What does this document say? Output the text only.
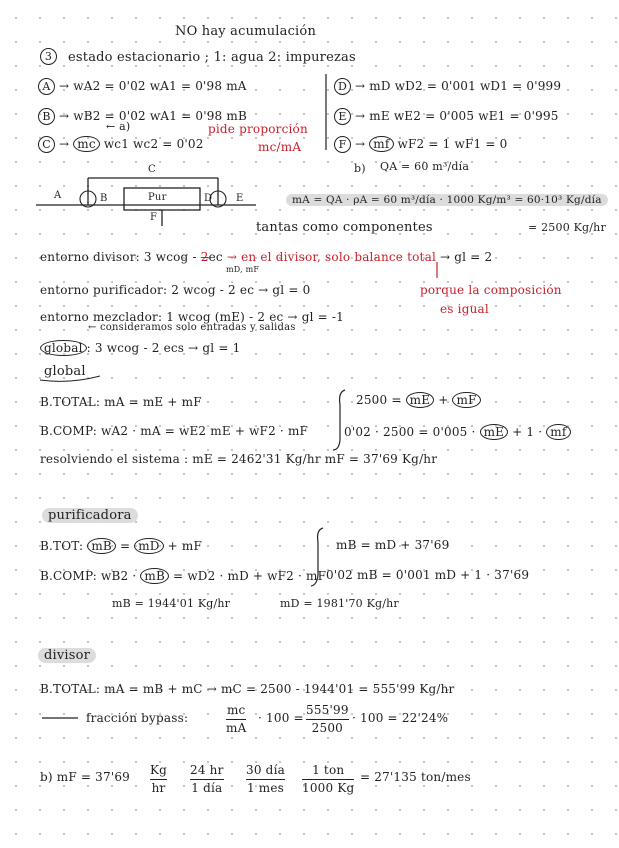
NO hay acumulación
3	estado estacionario ; 1: agua 2: impurezas
A → wA2 = 0'02 wA1 = 0'98 mA
B → wB2 = 0'02 wA1 = 0'98 mB
C → mc wc1 wc2 = 0'02
← a)	pide proporción
mc/mA
D → mD wD2 = 0'001 wD1 = 0'999
E → mE wE2 = 0'005 wE1 = 0'995
F → mf wF2 = 1 wF1 = 0
b) QA = 60 m³/día
A	B
C
Pur	D E
F
mA = QA · ρA = 60 m³/día · 1000 Kg/m³ = 60·10³ Kg/día
= 2500 Kg/hr
tantas como componentes
entorno divisor: 3 wcog - 2ec → en el divisor, solo balance total → gl = 2
mD, mF
entorno purificador: 2 wcog - 2 ec → gl = 0	porque la composición
es igual
entorno mezclador: 1 wcog (mE) - 2 ec → gl = -1
← consideramos solo entradas y salidas
global : 3 wcog - 2 ecs → gl = 1
global
B.TOTAL: mA = mE + mF
B.COMP: wA2 · mA = wE2 mE + wF2 · mF
2500 = mE + mF
0'02 · 2500 = 0'005 · mE + 1 · mf
resolviendo el sistema : mE = 2462'31 Kg/hr mF = 37'69 Kg/hr
purificadora
B.TOT: mB = mD + mF	mB = mD + 37'69
B.COMP: wB2 · mB = wD2 · mD + wF2 · mF 0'02 mB = 0'001 mD + 1 · 37'69
mB = 1944'01 Kg/hr	mD = 1981'70 Kg/hr
divisor
B.TOTAL: mA = mB + mC → mC = 2500 - 1944'01 = 555'99 Kg/hr
fracción bypass:
mc
mA
· 100 =
555'99
2500
· 100 = 22'24%
b) mF = 37'69 Kg
hr
24 hr
1 día
30 día
1 mes
1 ton
1000 Kg
= 27'135 ton/mes
